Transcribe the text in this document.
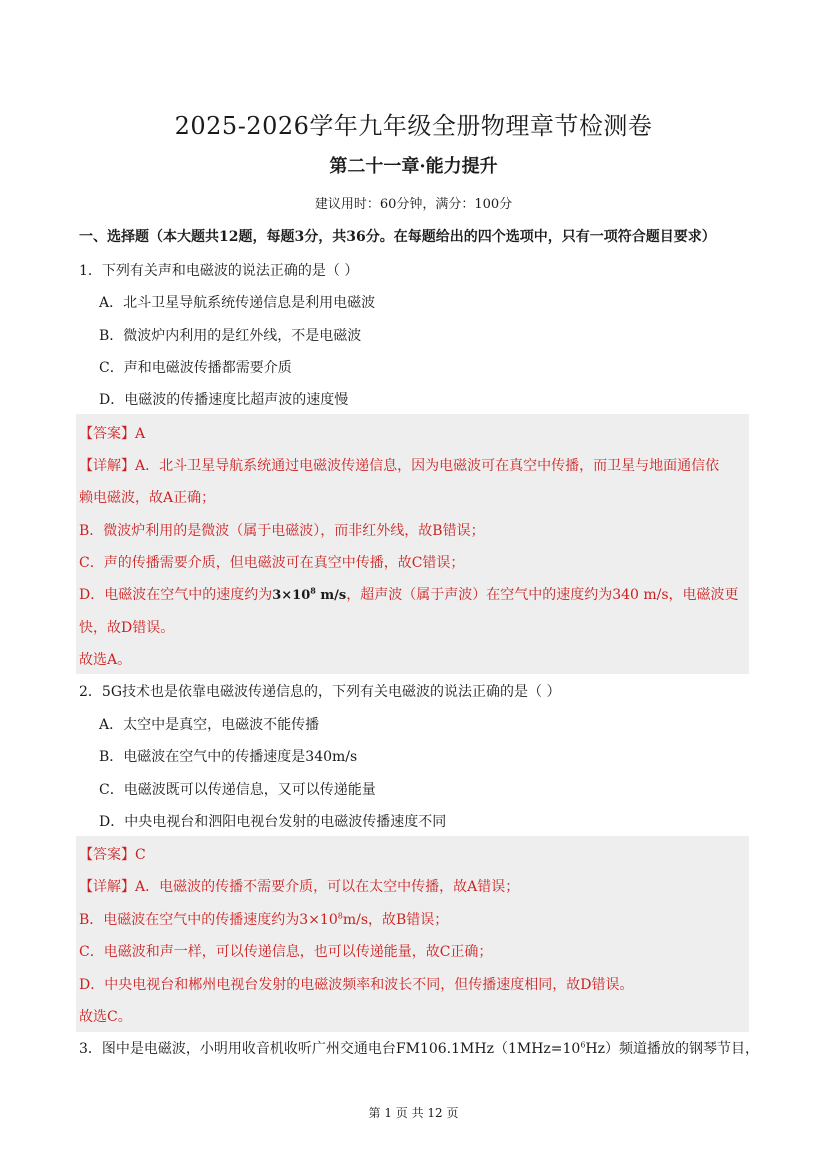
2025-2026学年九年级全册物理章节检测卷
第二十一章·能力提升
建议用时：60分钟，满分：100分
一、选择题（本大题共12题，每题3分，共36分。在每题给出的四个选项中，只有一项符合题目要求）
1．下列有关声和电磁波的说法正确的是（ ）
A．北斗卫星导航系统传递信息是利用电磁波
B．微波炉内利用的是红外线，不是电磁波
C．声和电磁波传播都需要介质
D．电磁波的传播速度比超声波的速度慢
【答案】A
【详解】A．北斗卫星导航系统通过电磁波传递信息，因为电磁波可在真空中传播，而卫星与地面通信依
赖电磁波，故A正确；
B．微波炉利用的是微波（属于电磁波），而非红外线，故B错误；
C．声的传播需要介质，但电磁波可在真空中传播，故C错误；
D．电磁波在空气中的速度约为$3\times 10^8$ m/s，超声波（属于声波）在空气中的速度约为340 m/s，电磁波更
快，故D错误。
故选A。
2．5G技术也是依靠电磁波传递信息的，下列有关电磁波的说法正确的是（ ）
A．太空中是真空，电磁波不能传播
B．电磁波在空气中的传播速度是340m/s
C．电磁波既可以传递信息，又可以传递能量
D．中央电视台和泗阳电视台发射的电磁波传播速度不同
【答案】C
【详解】A．电磁波的传播不需要介质，可以在太空中传播，故A错误；
B．电磁波在空气中的传播速度约为$3\times 10^8m/s$，故B错误；
C．电磁波和声一样，可以传递信息，也可以传递能量，故C正确；
D．中央电视台和郴州电视台发射的电磁波频率和波长不同，但传播速度相同，故D错误。
故选C。
3．图中是电磁波，小明用收音机收听广州交通电台$FM106.1MHz(1MHz=10^6Hz)$频道播放的钢琴节目，
第 1 页 共 12 页
